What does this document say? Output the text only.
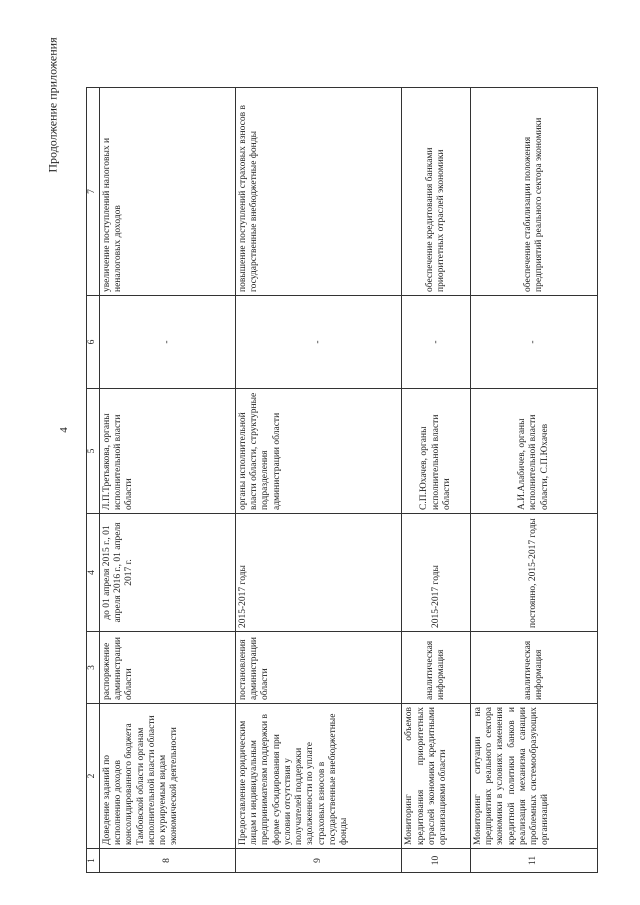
Продолжение приложения
4
1	2	3	4	5	6	7
8	Доведение заданий по исполнению доходов консолидированного бюджета Тамбовской области органам исполнительной власти области по курируемым видам экономической деятельности	распоряжение администрации области	до 01 апреля 2015 г., 01 апреля 2016 г., 01 апреля 2017 г.	Л.П.Третьякова, органы исполнительной власти области	-	увеличение поступлений налоговых и неналоговых доходов
9	Предоставление юридическим лицам и индивидуальным предпринимателям поддержки в форме субсидирования при условии отсутствия у получателей поддержки задолженности по уплате страховых взносов в государственные внебюджетные фонды	постановления администрации области	2015-2017 годы	органы исполнительной власти области, структурные подразделения администрации области	-	повышение поступлений страховых взносов в государственные внебюджетные фонды
10	Мониторинг объемов кредитования приоритетных отраслей экономики кредитными организациями области	аналитическая информация	2015-2017 годы	С.П.Юхачев, органы исполнительной власти области	-	обеспечение кредитования банками приоритетных отраслей экономики
11	Мониторинг ситуации на предприятиях реального сектора экономики в условиях изменения кредитной политики банков и реализация механизма санации проблемных системообразующих организаций	аналитическая информация	постоянно, 2015-2017 годы	А.И.Алабичев, органы исполнительной власти области, С.П.Юхачев	-	обеспечение стабилизации положения предприятий реального сектора экономики
